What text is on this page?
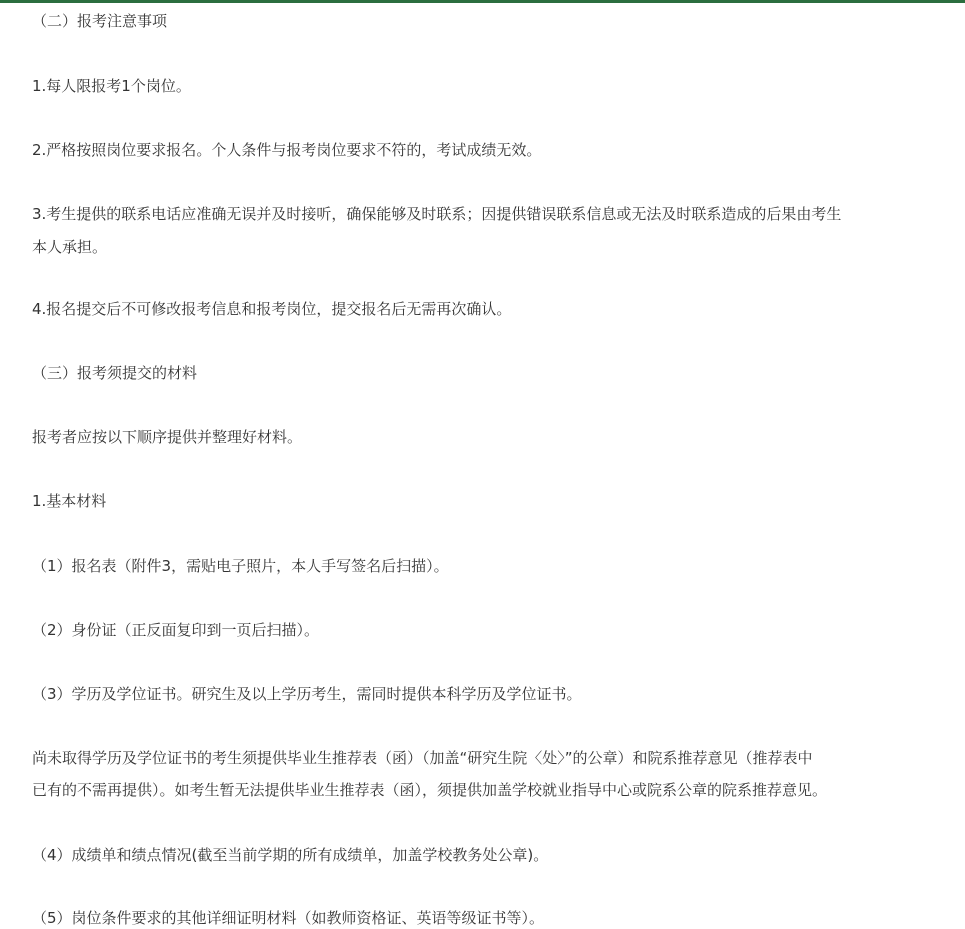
（二）报考注意事项
1.每人限报考1个岗位。
2.严格按照岗位要求报名。个人条件与报考岗位要求不符的，考试成绩无效。
3.考生提供的联系电话应准确无误并及时接听，确保能够及时联系；因提供错误联系信息或无法及时联系造成的后果由考生
本人承担。
4.报名提交后不可修改报考信息和报考岗位，提交报名后无需再次确认。
（三）报考须提交的材料
报考者应按以下顺序提供并整理好材料。
1.基本材料
（1）报名表（附件3，需贴电子照片，本人手写签名后扫描）。
（2）身份证（正反面复印到一页后扫描）。
（3）学历及学位证书。研究生及以上学历考生，需同时提供本科学历及学位证书。
尚未取得学历及学位证书的考生须提供毕业生推荐表（函）（加盖“研究生院〈处〉”的公章）和院系推荐意见（推荐表中
已有的不需再提供）。如考生暂无法提供毕业生推荐表（函），须提供加盖学校就业指导中心或院系公章的院系推荐意见。
（4）成绩单和绩点情况(截至当前学期的所有成绩单，加盖学校教务处公章)。
（5）岗位条件要求的其他详细证明材料（如教师资格证、英语等级证书等）。
